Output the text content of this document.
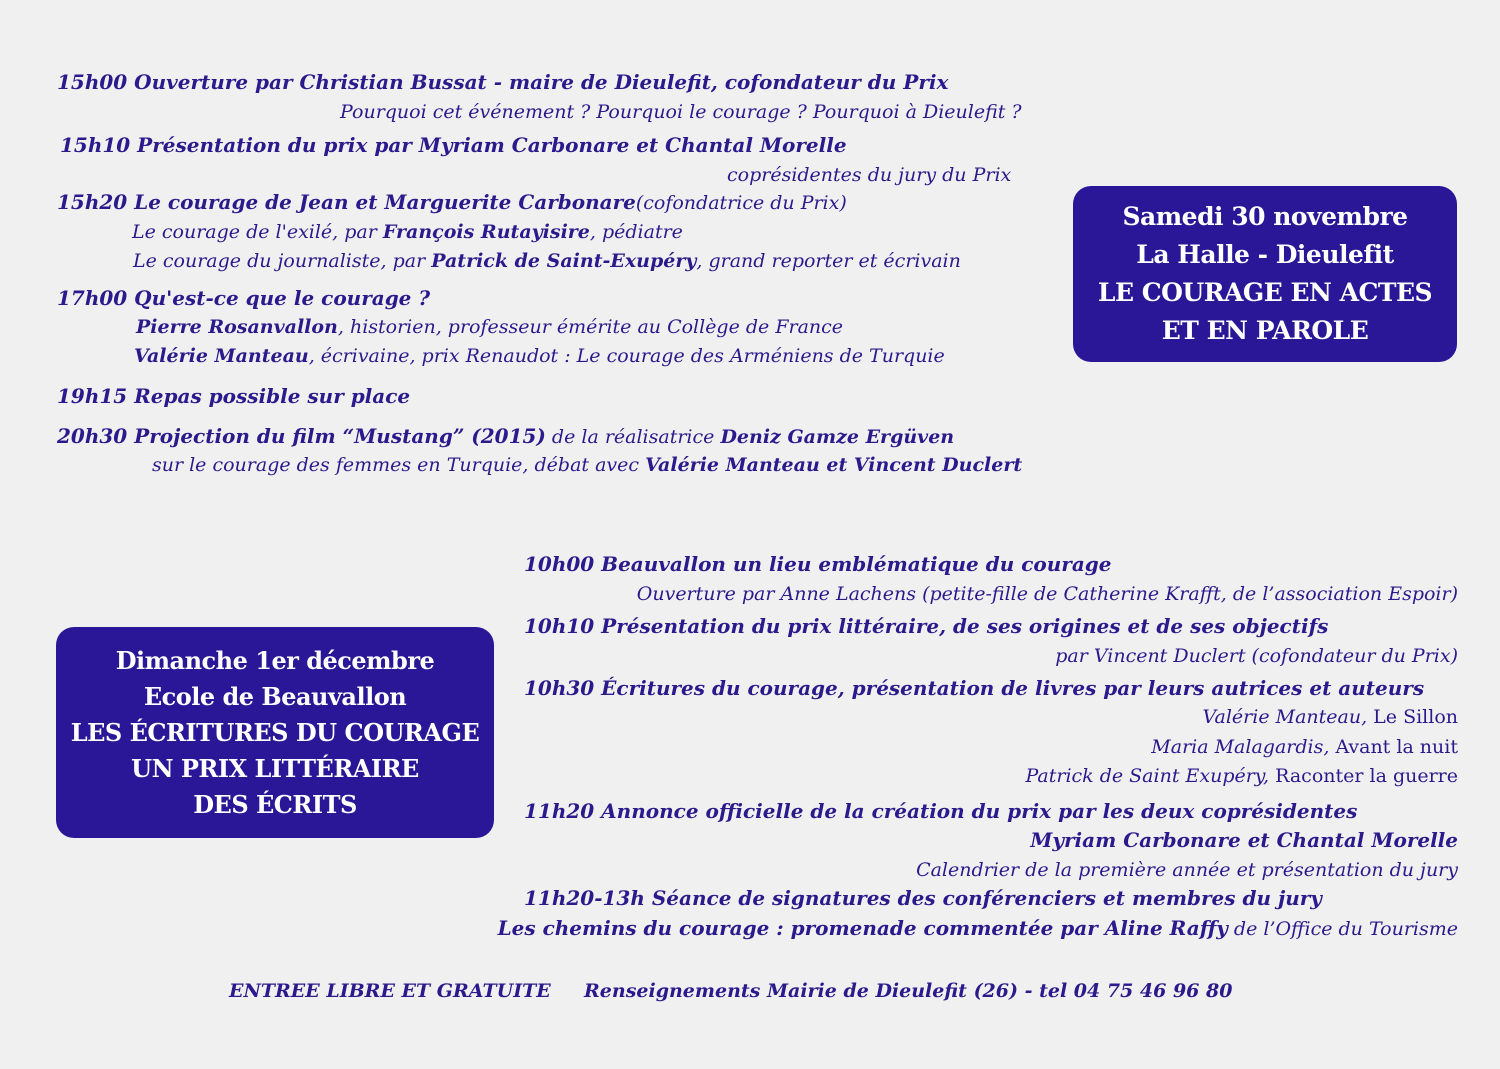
15h00 Ouverture par Christian Bussat - maire de Dieulefit, cofondateur du Prix
Pourquoi cet événement ? Pourquoi le courage ? Pourquoi à Dieulefit ?
15h10 Présentation du prix par Myriam Carbonare et Chantal Morelle
coprésidentes du jury du Prix
15h20 Le courage de Jean et Marguerite Carbonare(cofondatrice du Prix)
Le courage de l'exilé, par François Rutayisire, pédiatre
Le courage du journaliste, par Patrick de Saint-Exupéry, grand reporter et écrivain
17h00 Qu'est-ce que le courage ?
Pierre Rosanvallon, historien, professeur émérite au Collège de France
Valérie Manteau, écrivaine, prix Renaudot : Le courage des Arméniens de Turquie
19h15 Repas possible sur place
20h30 Projection du film “Mustang” (2015) de la réalisatrice Deniz Gamze Ergüven
sur le courage des femmes en Turquie, débat avec Valérie Manteau et Vincent Duclert
Samedi 30 novembre
La Halle - Dieulefit
LE COURAGE EN ACTES
ET EN PAROLE
Dimanche 1er décembre
Ecole de Beauvallon
LES ÉCRITURES DU COURAGE
UN PRIX LITTÉRAIRE
DES ÉCRITS
10h00 Beauvallon un lieu emblématique du courage
Ouverture par Anne Lachens (petite-fille de Catherine Krafft, de l’association Espoir)
10h10 Présentation du prix littéraire, de ses origines et de ses objectifs
par Vincent Duclert (cofondateur du Prix)
10h30 Écritures du courage, présentation de livres par leurs autrices et auteurs
Valérie Manteau, Le Sillon
Maria Malagardis, Avant la nuit
Patrick de Saint Exupéry, Raconter la guerre
11h20 Annonce officielle de la création du prix par les deux coprésidentes
Myriam Carbonare et Chantal Morelle
Calendrier de la première année et présentation du jury
11h20-13h Séance de signatures des conférenciers et membres du jury
Les chemins du courage : promenade commentée par Aline Raffy de l’Office du Tourisme
ENTREE LIBRE ET GRATUITE Renseignements Mairie de Dieulefit (26) - tel 04 75 46 96 80
